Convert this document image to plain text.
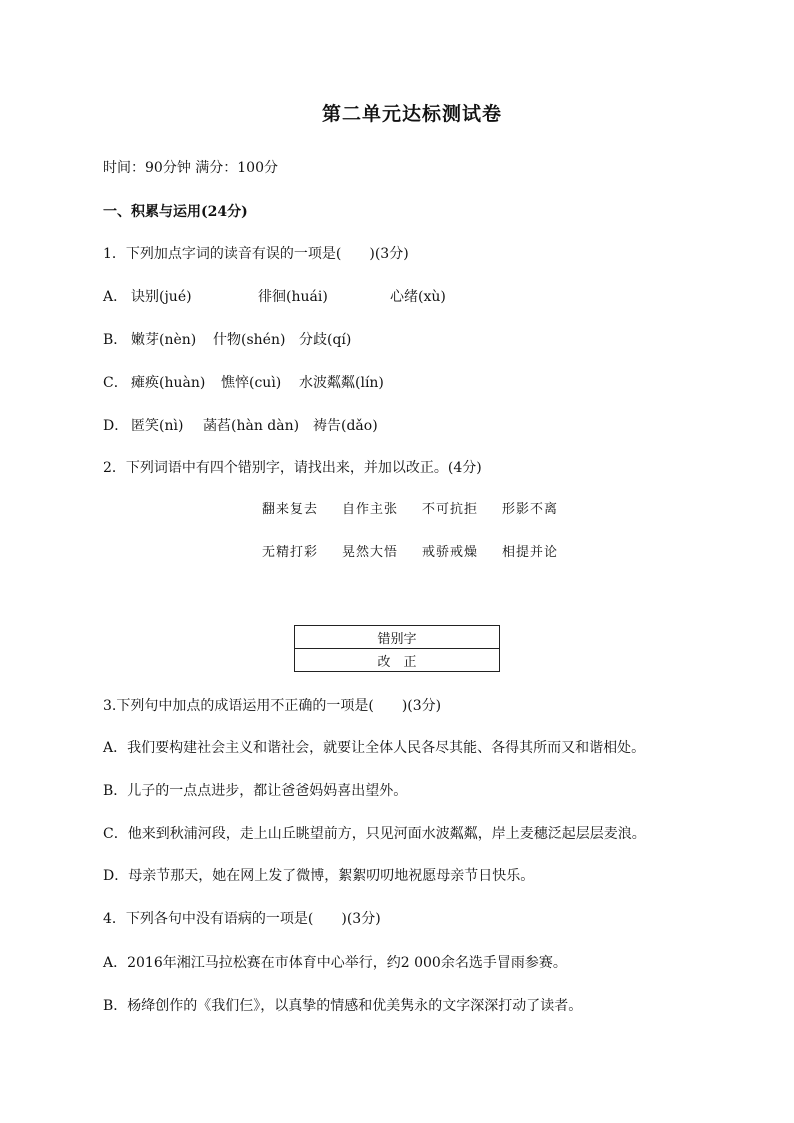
第二单元达标测试卷
时间：90分钟 满分：100分
一、积累与运用(24分)
1．下列加点字词的读音有误的一项是(　　)(3分)
A． 诀别(jué)	徘徊(huái)	心绪(xù)
B． 嫩芽(nèn) 什物(shén) 分歧(qí)
C． 瘫痪(huàn) 憔悴(cuì) 水波粼粼(lín)
D． 匿笑(nì) 菡萏(hàn dàn) 祷告(dǎo)
2．下列词语中有四个错别字，请找出来，并加以改正。(4分)
翻来复去 自作主张 不可抗拒 形影不离
无精打彩 晃然大悟 戒骄戒燥 相提并论
错别字
改　正
3.下列句中加点的成语运用不正确的一项是(　　)(3分)
A．我们要构建社会主义和谐社会，就要让全体人民各尽其能、各得其所而又和谐相处。
B．儿子的一点点进步，都让爸爸妈妈喜出望外。
C．他来到秋浦河段，走上山丘眺望前方，只见河面水波粼粼，岸上麦穗泛起层层麦浪。
D．母亲节那天，她在网上发了微博，絮絮叨叨地祝愿母亲节日快乐。
4．下列各句中没有语病的一项是(　　)(3分)
A．2016年湘江马拉松赛在市体育中心举行，约2 000余名选手冒雨参赛。
B．杨绛创作的《我们仨》，以真挚的情感和优美隽永的文字深深打动了读者。
